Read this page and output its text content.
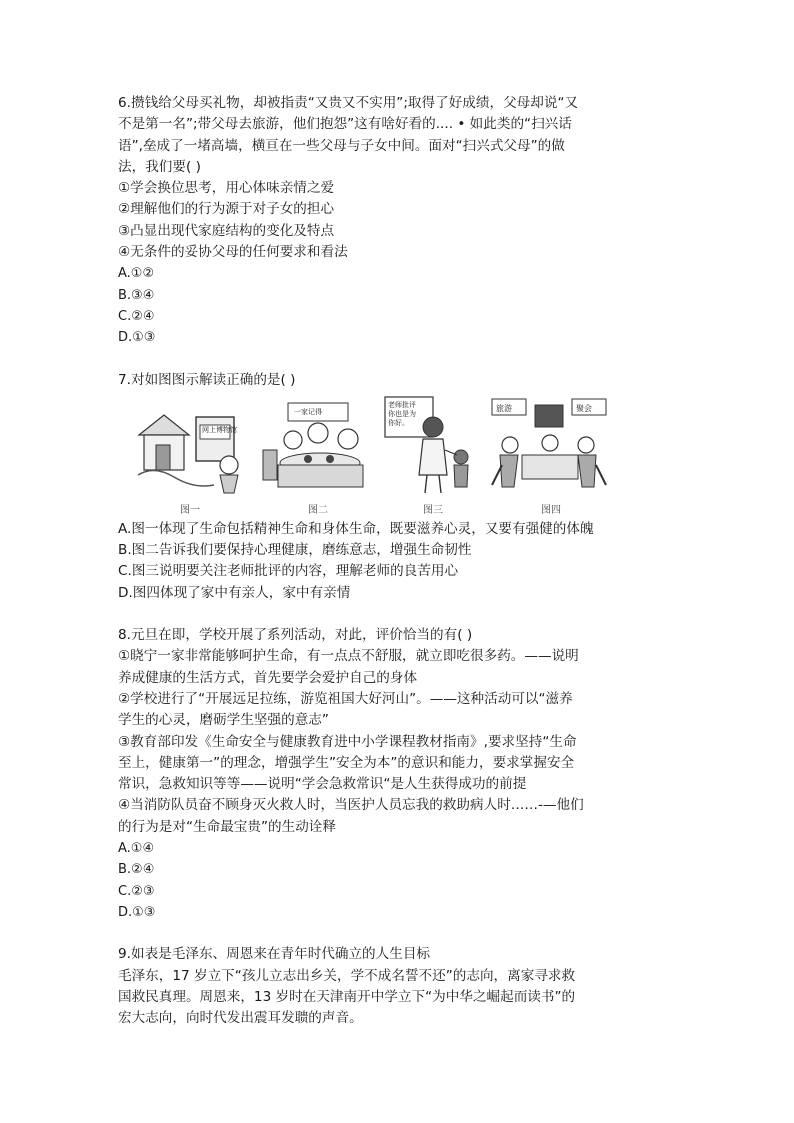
6.攒钱给父母买礼物，却被指责“又贵又不实用”;取得了好成绩，父母却说“又
不是第一名”;带父母去旅游，他们抱怨”这有啥好看的.... • 如此类的“扫兴话
语”,垒成了一堵高墙，横亘在一些父母与子女中间。面对“扫兴式父母”的做
法，我们要( )
①学会换位思考，用心体味亲情之爱
②理解他们的行为源于对子女的担心
③凸显出现代家庭结构的变化及特点
④无条件的妥协父母的任何要求和看法
A.①②
B.③④
C.②④
D.①③
7.对如图图示解读正确的是( )
网上博物馆
一家记得
老师批评
你也是为
你好。
旅游	聚会
图一	图二	图三	图四
A.图一体现了生命包括精神生命和身体生命，既要滋养心灵，又要有强健的体魄
B.图二告诉我们要保持心理健康，磨练意志，增强生命韧性
C.图三说明要关注老师批评的内容，理解老师的良苦用心
D.图四体现了家中有亲人，家中有亲情
8.元旦在即，学校开展了系列活动，对此，评价恰当的有( )
①晓宁一家非常能够呵护生命，有一点点不舒服，就立即吃很多药。——说明
养成健康的生活方式，首先要学会爱护自己的身体
②学校进行了“开展远足拉练，游览祖国大好河山”。——这种活动可以“滋养
学生的心灵，磨砺学生坚强的意志”
③教育部印发《生命安全与健康教育进中小学课程教材指南》,要求坚持“生命
至上，健康第一”的理念，增强学生”安全为本”的意识和能力，要求掌握安全
常识，急救知识等等——说明“学会急救常识“是人生获得成功的前提
④当消防队员奋不顾身灭火救人时，当医护人员忘我的救助病人时……-—他们
的行为是对“生命最宝贵”的生动诠释
A.①④
B.②④
C.②③
D.①③
9.如表是毛泽东、周恩来在青年时代确立的人生目标
毛泽东，17 岁立下“孩儿立志出乡关，学不成名誓不还”的志向，离家寻求救
国救民真理。周恩来，13 岁时在天津南开中学立下“为中华之崛起而读书”的
宏大志向，向时代发出震耳发聩的声音。
